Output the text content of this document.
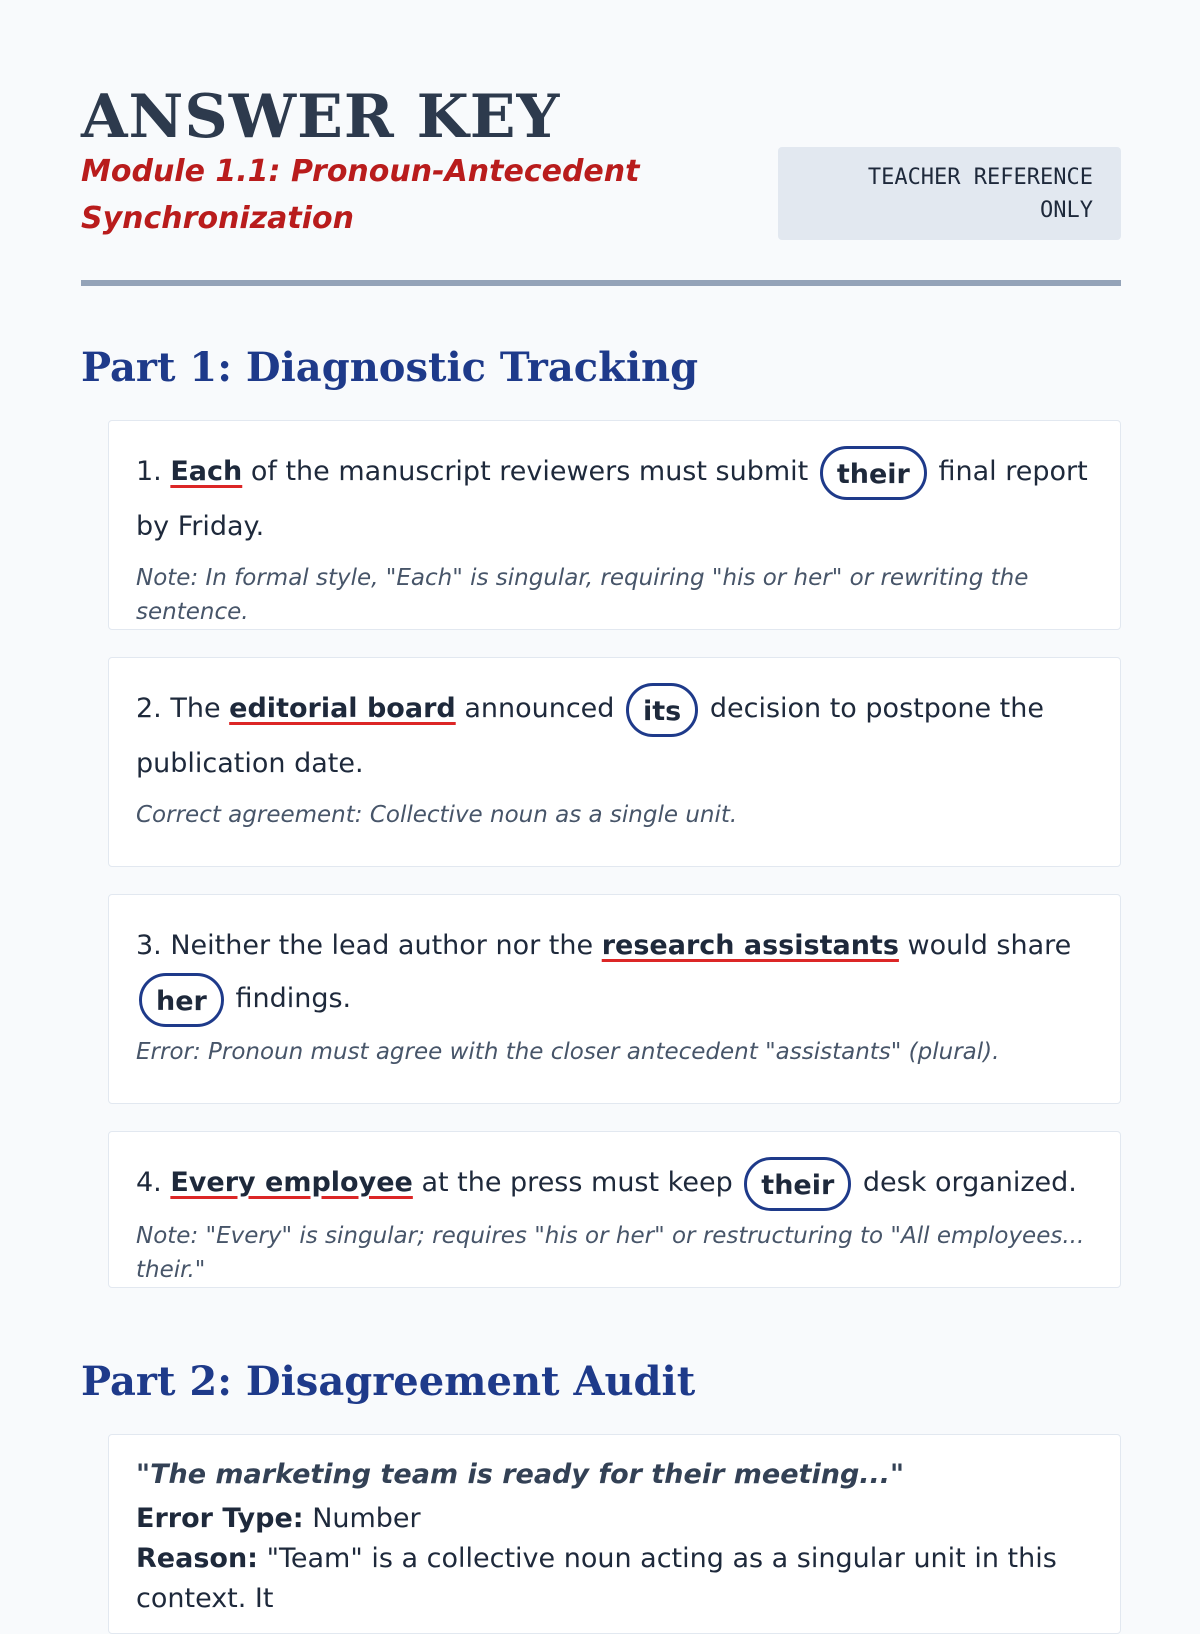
ANSWER KEY

Module 1.1: Pronoun-Antecedent Synchronization

TEACHER REFERENCE
ONLY
Part 1: Diagnostic Tracking

1. Each of the manuscript reviewers must submit their final report by Friday.

Note: In formal style, "Each" is singular, requiring "his or her" or rewriting the sentence.

2. The editorial board announced its decision to postpone the publication date.

Correct agreement: Collective noun as a single unit.

3. Neither the lead author nor the research assistants would share her findings.

Error: Pronoun must agree with the closer antecedent "assistants" (plural).

4. Every employee at the press must keep their desk organized.

Note: "Every" is singular; requires "his or her" or restructuring to "All employees... their."

Part 2: Disagreement Audit

"The marketing team is ready for their meeting..."

Error Type: Number

Reason: "Team" is a collective noun acting as a singular unit in this context. It
